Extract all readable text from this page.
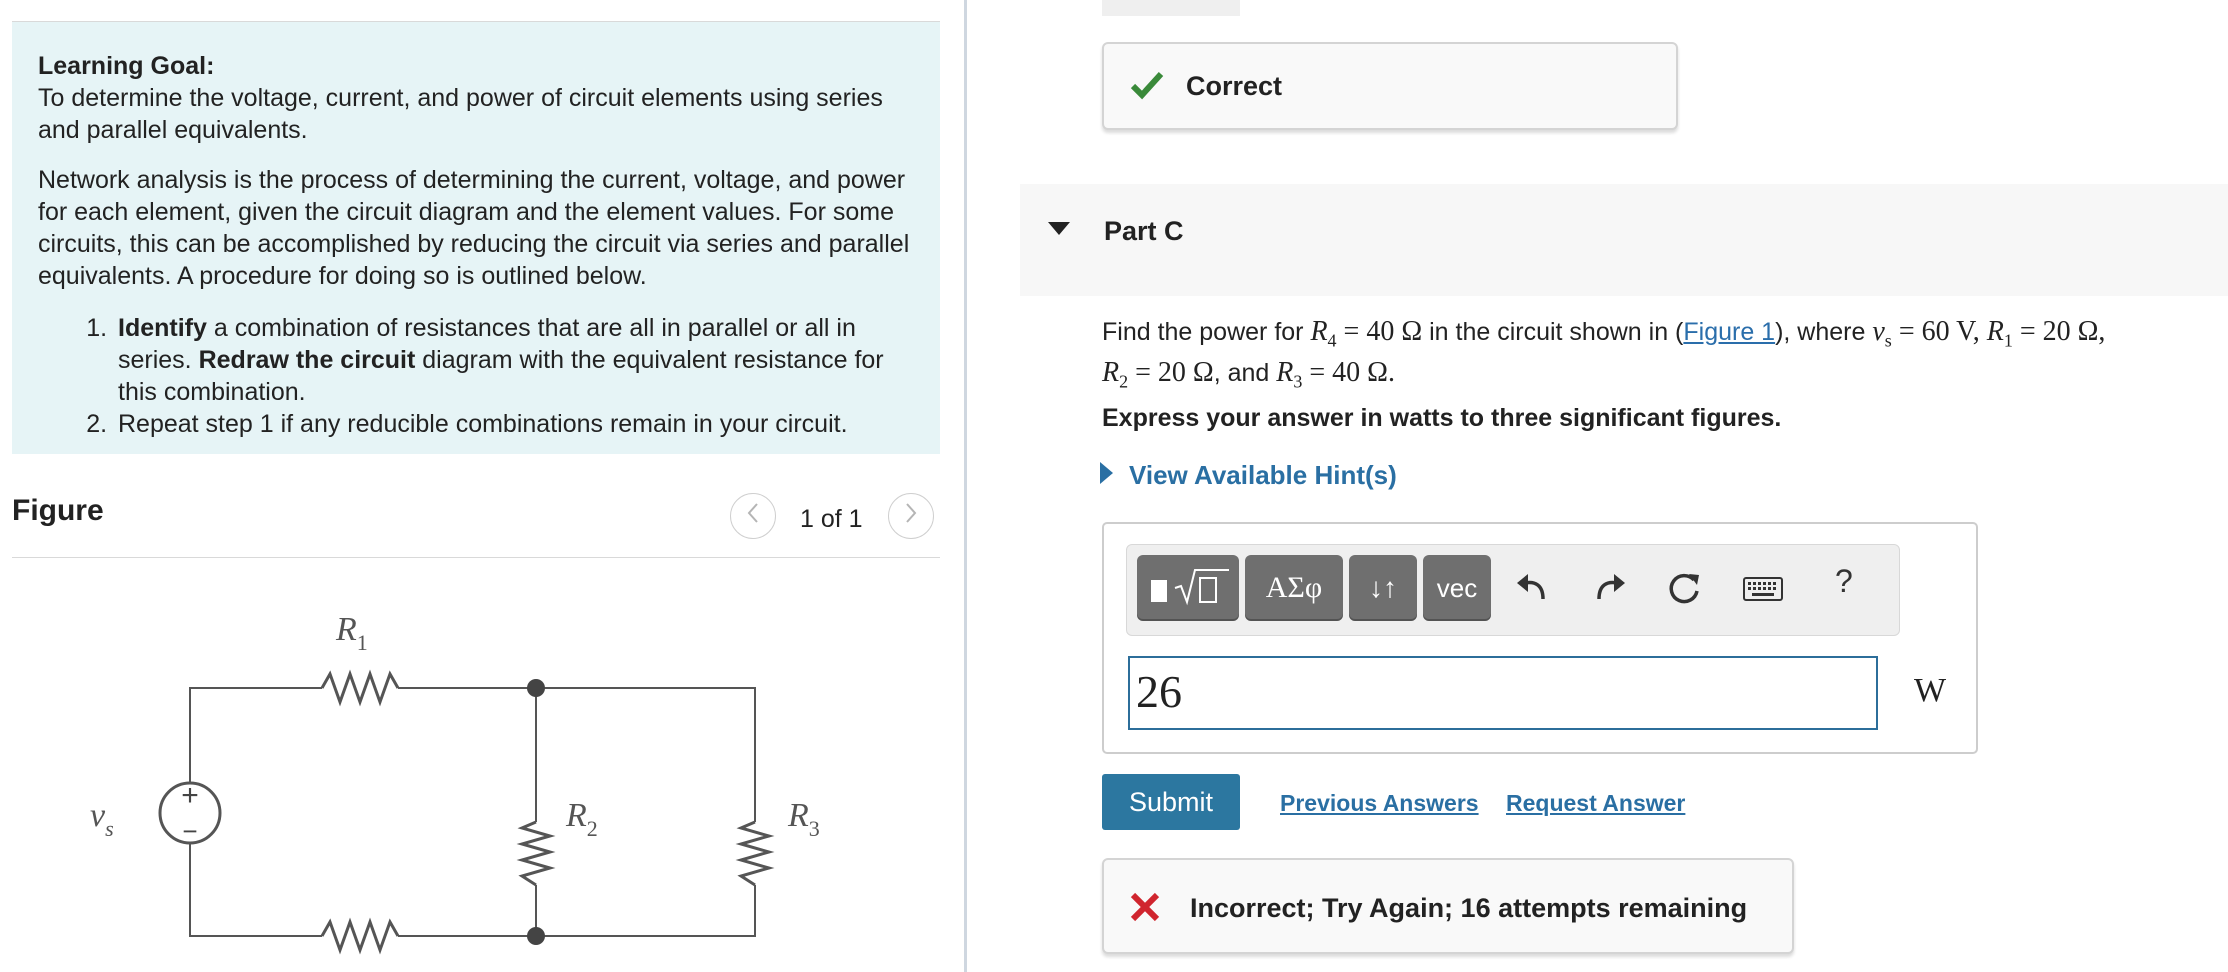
Learning Goal:

To determine the voltage, current, and power of circuit elements using series and parallel equivalents.

Network analysis is the process of determining the current, voltage, and power for each element, given the circuit diagram and the element values. For some circuits, this can be accomplished by reducing the circuit via series and parallel equivalents. A procedure for doing so is outlined below.

1. Identify a combination of resistances that are all in parallel or all in series. Redraw the circuit diagram with the equivalent resistance for this combination.
2. Repeat step 1 if any reducible combinations remain in your circuit.
Figure	1 of 1
+
−
$v_s$
$R_1$
$R_2$	$R_3$
Correct
Part C
Find the power for $R_4 = 40$ Ω in the circuit shown in (Figure 1), where $v_s = 60$ V, $R_1 = 20$ Ω,
$R_2 = 20$ Ω, and $R_3 = 40$ Ω.
Express your answer in watts to three significant figures.
View Available Hint(s)
ΑΣφ	↓↑	vec	?
26	W
Submit	Previous Answers Request Answer
Incorrect; Try Again; 16 attempts remaining
